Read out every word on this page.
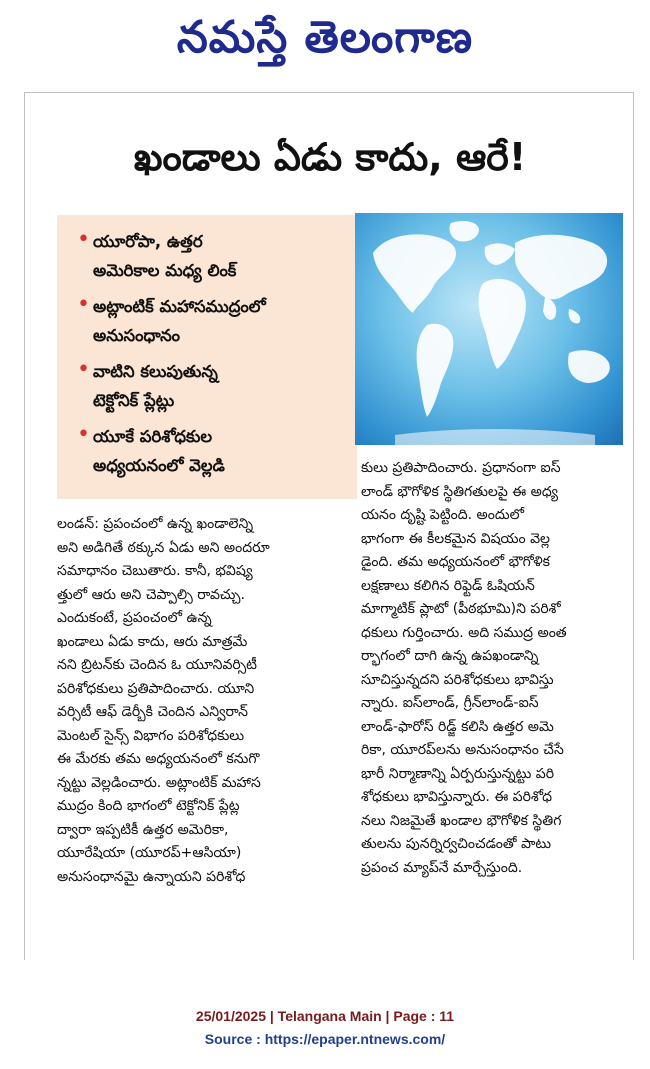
నమస్తే తెలంగాణ
ఖండాలు ఏడు కాదు, ఆరే!
• యూరోపా, ఉత్తర
అమెరికాల మధ్య లింక్
• అట్లాంటిక్ మహాసముద్రంలో
అనుసంధానం
• వాటిని కలుపుతున్న
టెక్టోనిక్ ప్లేట్లు
• యూకే పరిశోధకుల
అధ్యయనంలో వెల్లడి
లండన్: ప్రపంచంలో ఉన్న ఖండాలెన్ని
అని అడిగితే ఠక్కున ఏడు అని అందరూ
సమాధానం చెబుతారు. కానీ, భవిష్య
త్తులో ఆరు అని చెప్పాల్సి రావచ్చు.
ఎందుకంటే, ప్రపంచంలో ఉన్న
ఖండాలు ఏడు కాదు, ఆరు మాత్రమే
నని బ్రిటన్‌కు చెందిన ఓ యూనివర్సిటీ
పరిశోధకులు ప్రతిపాదించారు. యూని
వర్సిటీ ఆఫ్ డెర్బీకి చెందిన ఎన్విరాన్
మెంటల్ సైన్స్ విభాగం పరిశోధకులు
ఈ మేరకు తమ అధ్యయనంలో కనుగొ
న్నట్టు వెల్లడించారు. అట్లాంటిక్ మహాస
ముద్రం కింది భాగంలో టెక్టోనిక్ ప్లేట్ల
ద్వారా ఇప్పటికీ ఉత్తర అమెరికా,
యూరేషియా (యూరప్+ఆసియా)
అనుసంధానమై ఉన్నాయని పరిశోధ
కులు ప్రతిపాదించారు. ప్రధానంగా ఐస్
లాండ్ భౌగోళిక స్థితిగతులపై ఈ అధ్య
యనం దృష్టి పెట్టింది. అందులో
భాగంగా ఈ కీలకమైన విషయం వెల్ల
డైంది. తమ అధ్యయనంలో భౌగోళిక
లక్షణాలు కలిగిన రిఫ్టెడ్ ఓషియన్
మాగ్మాటిక్ ప్లాటో (పీఠభూమి)ని పరిశో
ధకులు గుర్తించారు. అది సముద్ర అంత
ర్భాగంలో దాగి ఉన్న ఉపఖండాన్ని
సూచిస్తున్నదని పరిశోధకులు భావిస్తు
న్నారు. ఐస్‌లాండ్, గ్రీన్‌లాండ్-ఐస్
లాండ్-ఫారోస్ రిడ్జ్ కలిసి ఉత్తర అమె
రికా, యూరప్‌లను అనుసంధానం చేసే
భారీ నిర్మాణాన్ని ఏర్పరుస్తున్నట్టు పరి
శోధకులు భావిస్తున్నారు. ఈ పరిశోధ
నలు నిజమైతే ఖండాల భౌగోళిక స్థితిగ
తులను పునర్నిర్వచించడంతో పాటు
ప్రపంచ మ్యాప్‌నే మార్చేస్తుంది.
25/01/2025 | Telangana Main | Page : 11
Source : https://epaper.ntnews.com/
